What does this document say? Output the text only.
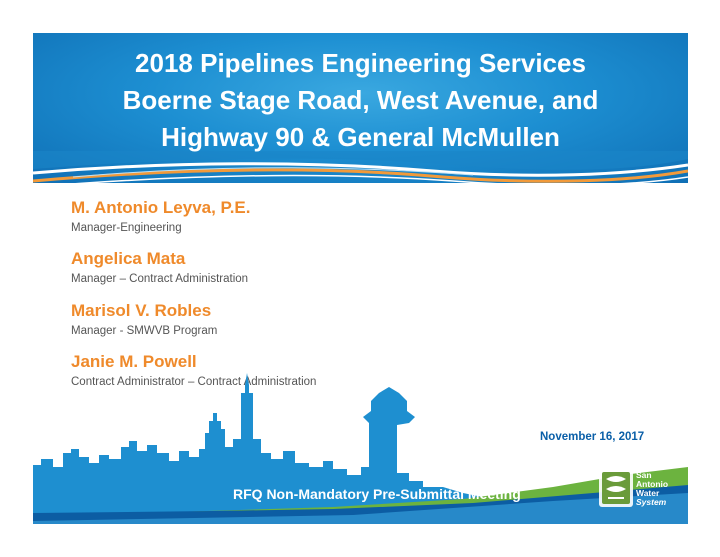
2018 Pipelines Engineering Services
Boerne Stage Road, West Avenue, and
Highway 90 & General McMullen
M. Antonio Leyva, P.E.
Manager-Engineering
Angelica Mata
Manager – Contract Administration
Marisol V. Robles
Manager - SMWVB Program
Janie M. Powell
Contract Administrator – Contract Administration
November 16, 2017
RFQ Non-Mandatory Pre-Submittal Meeting
San
Antonio
Water
System
